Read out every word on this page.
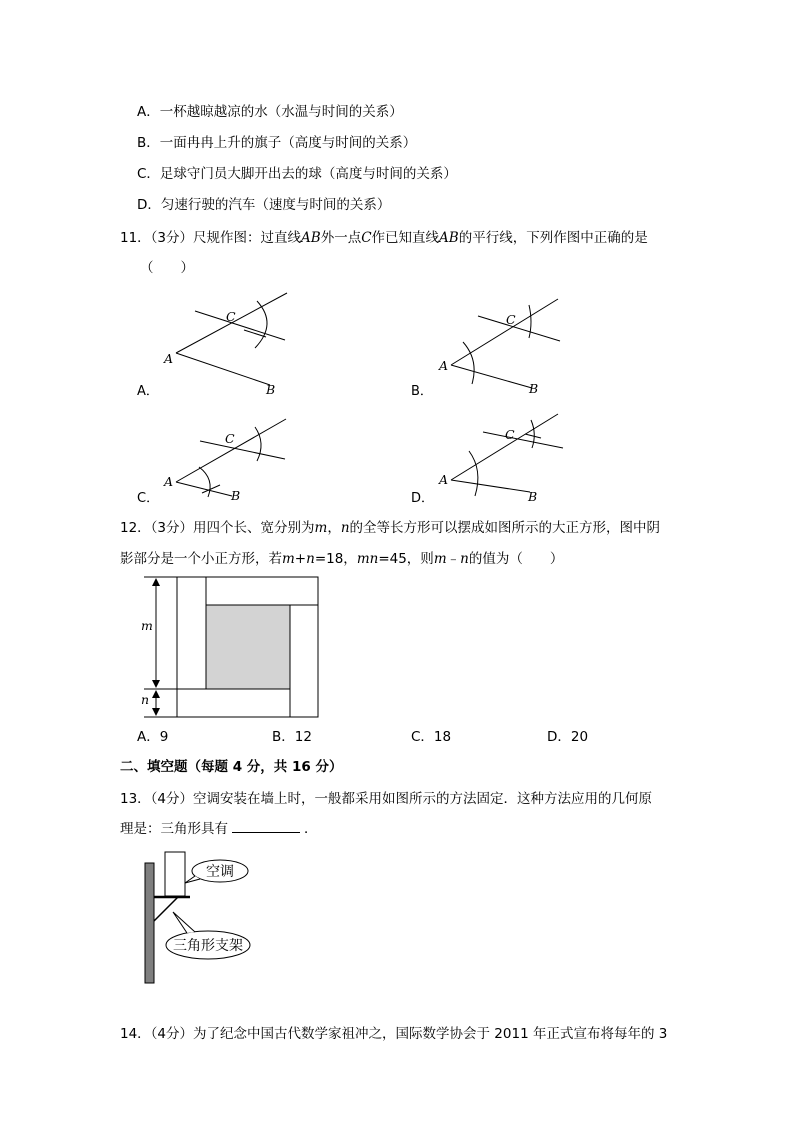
A．一杯越晾越凉的水（水温与时间的关系）
B．一面冉冉上升的旗子（高度与时间的关系）
C．足球守门员大脚开出去的球（高度与时间的关系）
D．匀速行驶的汽车（速度与时间的关系）
11．（3分）尺规作图：过直线AB外一点C作已知直线AB的平行线，下列作图中正确的是
（　　）
C
A
B
A．
C
A
B
B．
C
A
B
C．
C
A
B
D．
12．（3分）用四个长、宽分别为m，n的全等长方形可以摆成如图所示的大正方形，图中阴
影部分是一个小正方形，若m+n=18，mn=45，则m﹣n的值为（　　）
m
n
A．9	B．12	C．18	D．20
二、填空题（每题 4 分，共 16 分）
13．（4分）空调安装在墙上时，一般都采用如图所示的方法固定．这种方法应用的几何原
理是：三角形具有	．
空调
三角形支架
14．（4分）为了纪念中国古代数学家祖冲之，国际数学协会于 2011 年正式宣布将每年的 3
